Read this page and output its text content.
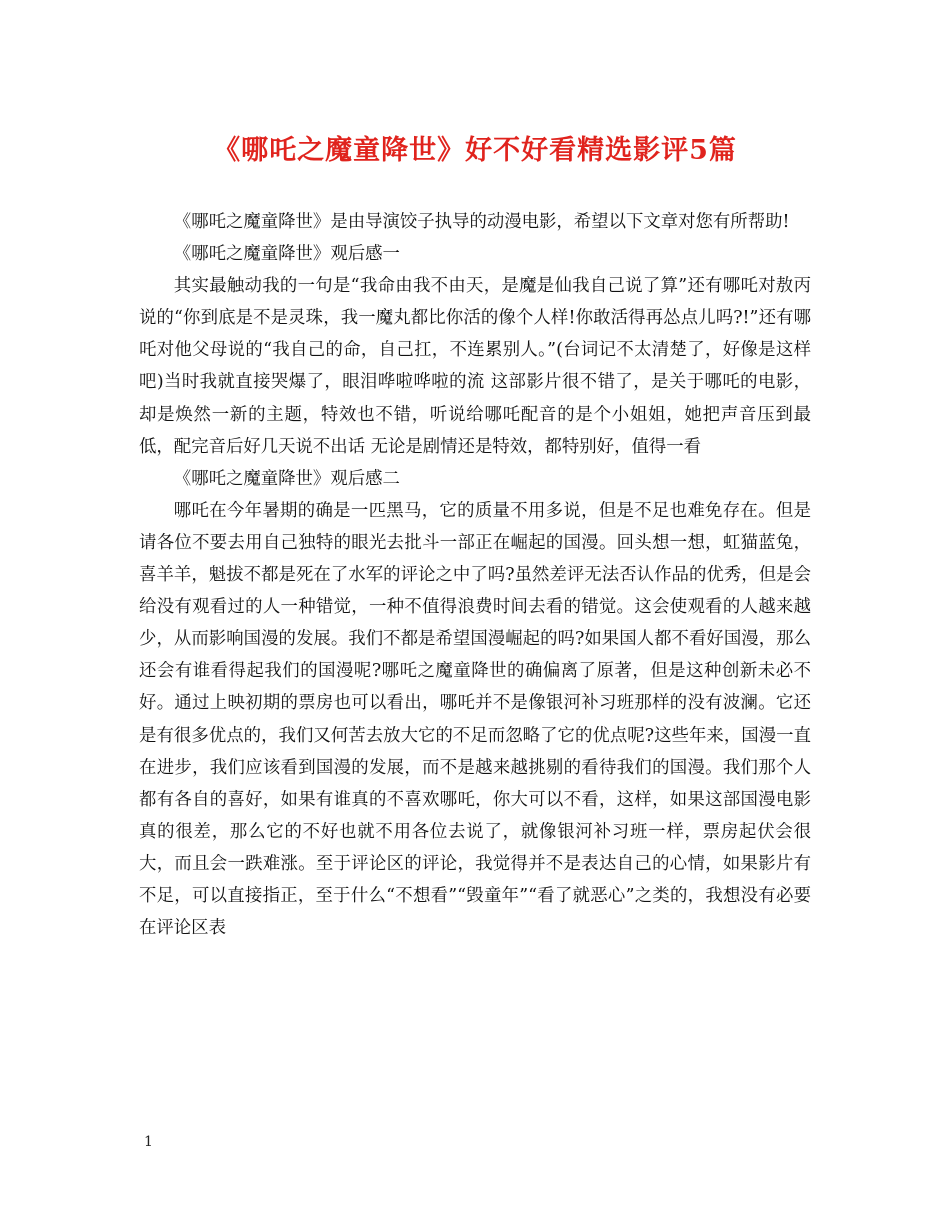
《哪吒之魔童降世》好不好看精选影评5篇

《哪吒之魔童降世》是由导演饺子执导的动漫电影，希望以下文章对您有所帮助!

《哪吒之魔童降世》观后感一

其实最触动我的一句是“我命由我不由天，是魔是仙我自己说了算”还有哪吒对敖丙说的“你到底是不是灵珠，我一魔丸都比你活的像个人样!你敢活得再怂点儿吗?!”还有哪吒对他父母说的“我自己的命，自己扛，不连累别人。”(台词记不太清楚了，好像是这样吧)当时我就直接哭爆了，眼泪哗啦哗啦的流 这部影片很不错了，是关于哪吒的电影，却是焕然一新的主题，特效也不错，听说给哪吒配音的是个小姐姐，她把声音压到最低，配完音后好几天说不出话 无论是剧情还是特效，都特别好，值得一看

《哪吒之魔童降世》观后感二

哪吒在今年暑期的确是一匹黑马，它的质量不用多说，但是不足也难免存在。但是请各位不要去用自己独特的眼光去批斗一部正在崛起的国漫。回头想一想，虹猫蓝兔，喜羊羊，魁拔不都是死在了水军的评论之中了吗?虽然差评无法否认作品的优秀，但是会给没有观看过的人一种错觉，一种不值得浪费时间去看的错觉。这会使观看的人越来越少，从而影响国漫的发展。我们不都是希望国漫崛起的吗?如果国人都不看好国漫，那么还会有谁看得起我们的国漫呢?哪吒之魔童降世的确偏离了原著，但是这种创新未必不好。通过上映初期的票房也可以看出，哪吒并不是像银河补习班那样的没有波澜。它还是有很多优点的，我们又何苦去放大它的不足而忽略了它的优点呢?这些年来，国漫一直在进步，我们应该看到国漫的发展，而不是越来越挑剔的看待我们的国漫。我们那个人都有各自的喜好，如果有谁真的不喜欢哪吒，你大可以不看，这样，如果这部国漫电影真的很差，那么它的不好也就不用各位去说了，就像银河补习班一样，票房起伏会很大，而且会一跌难涨。至于评论区的评论，我觉得并不是表达自己的心情，如果影片有不足，可以直接指正，至于什么“不想看”“毁童年”“看了就恶心”之类的，我想没有必要在评论区表

1
